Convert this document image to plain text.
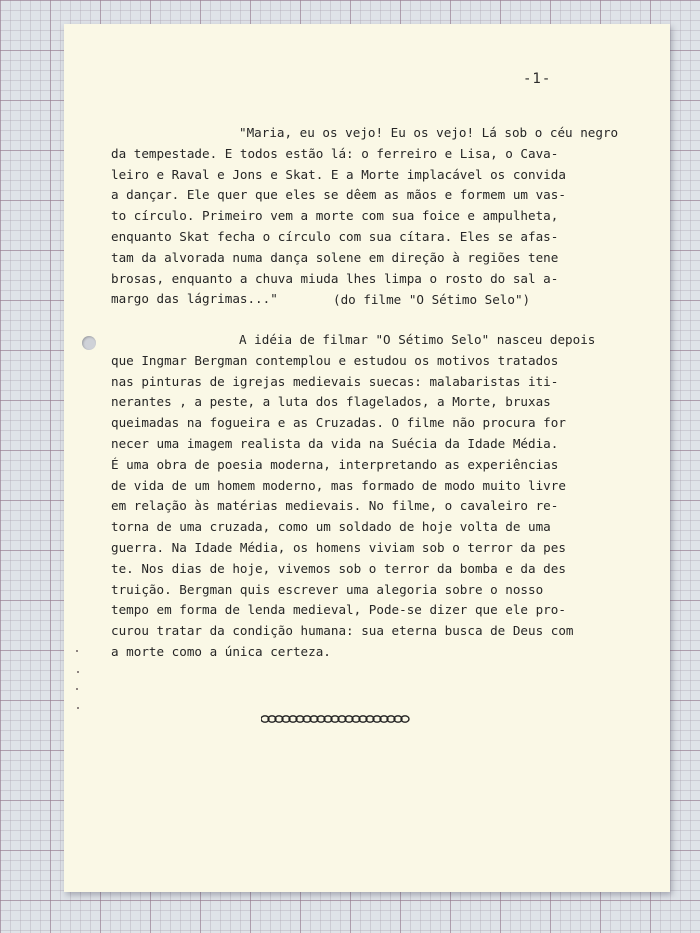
-1-
"Maria, eu os vejo! Eu os vejo! Lá sob o céu negro
da tempestade. E todos estão lá: o ferreiro e Lisa, o Cava-
leiro e Raval e Jons e Skat. E a Morte implacável os convida
a dançar. Ele quer que eles se dêem as mãos e formem um vas-
to círculo. Primeiro vem a morte com sua foice e ampulheta,
enquanto Skat fecha o círculo com sua cítara. Eles se afas-
tam da alvorada numa dança solene em direção à regiões tene
brosas, enquanto a chuva miuda lhes limpa o rosto do sal a-
margo das lágrimas..."	(do filme "O Sétimo Selo")
A idéia de filmar "O Sétimo Selo" nasceu depois
que Ingmar Bergman contemplou e estudou os motivos tratados
nas pinturas de igrejas medievais suecas: malabaristas iti-
nerantes , a peste, a luta dos flagelados, a Morte, bruxas
queimadas na fogueira e as Cruzadas. O filme não procura for
necer uma imagem realista da vida na Suécia da Idade Média.
É uma obra de poesia moderna, interpretando as experiências
de vida de um homem moderno, mas formado de modo muito livre
em relação às matérias medievais. No filme, o cavaleiro re-
torna de uma cruzada, como um soldado de hoje volta de uma
guerra. Na Idade Média, os homens viviam sob o terror da pes
te. Nos dias de hoje, vivemos sob o terror da bomba e da des
truição. Bergman quis escrever uma alegoria sobre o nosso
tempo em forma de lenda medieval, Pode-se dizer que ele pro-
curou tratar da condição humana: sua eterna busca de Deus com
a morte como a única certeza.
